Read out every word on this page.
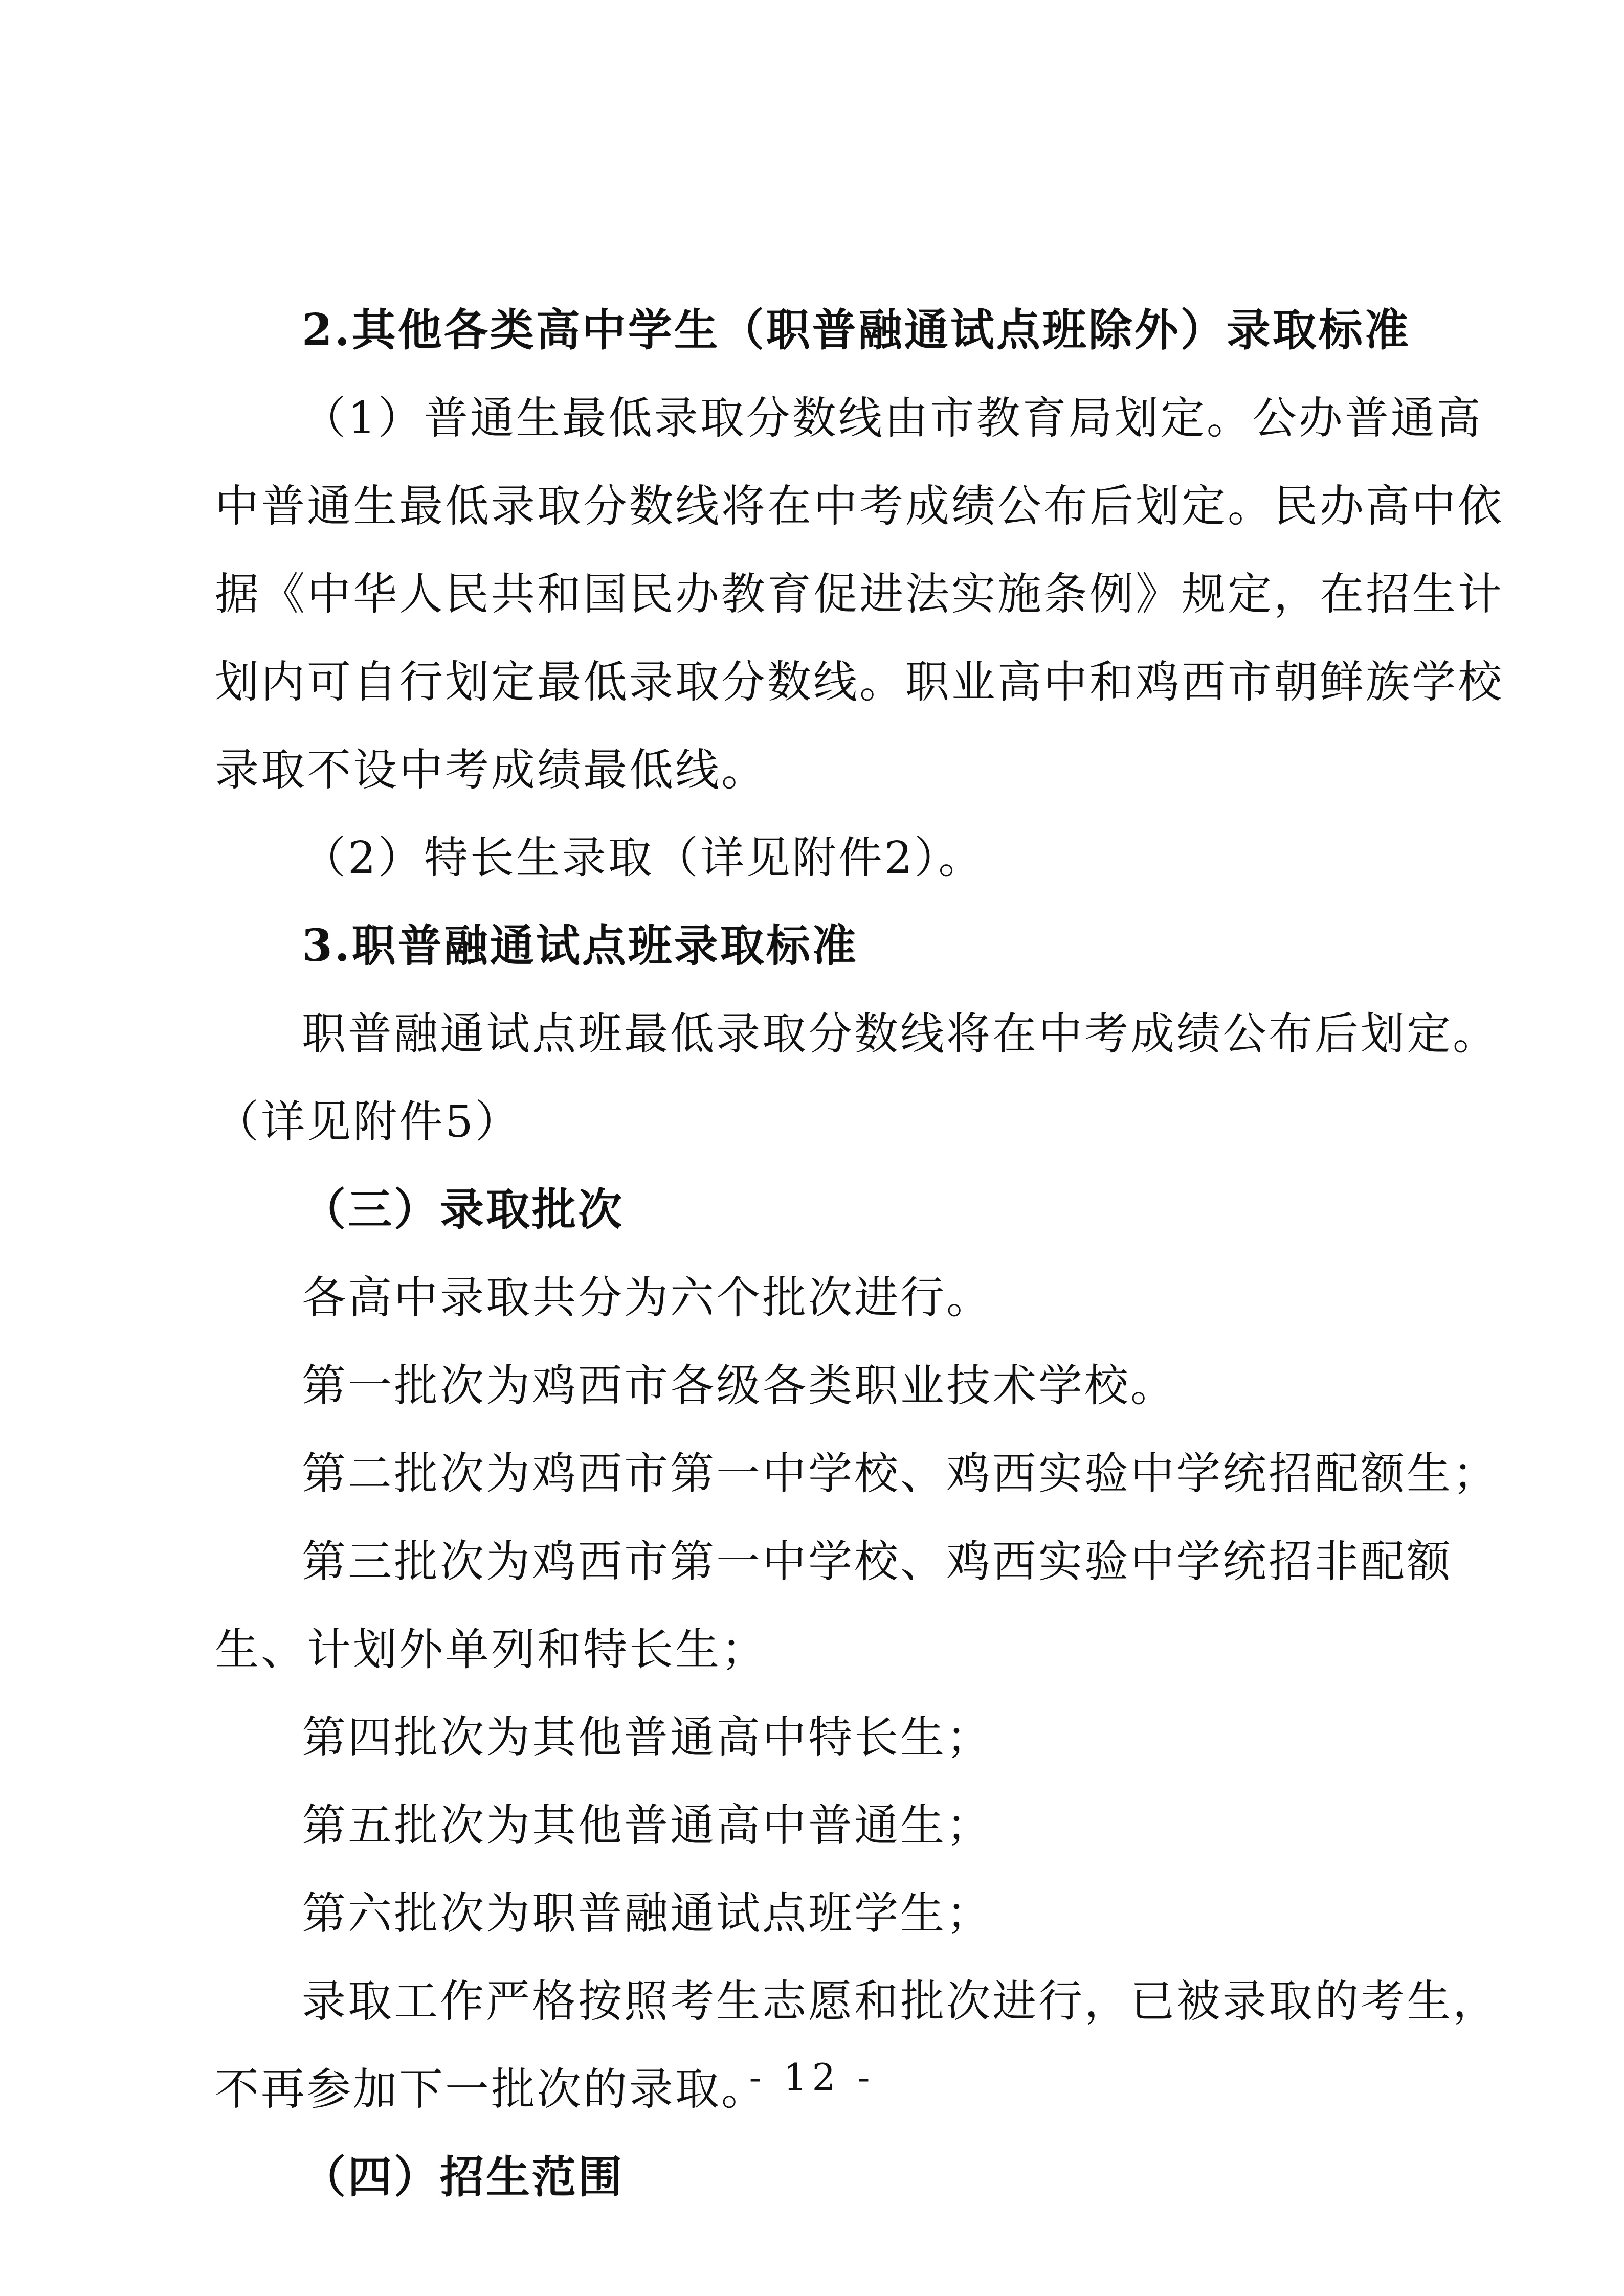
2.其他各类高中学生（职普融通试点班除外）录取标准
（1）普通生最低录取分数线由市教育局划定。公办普通高
中普通生最低录取分数线将在中考成绩公布后划定。民办高中依
据《中华人民共和国民办教育促进法实施条例》规定，在招生计
划内可自行划定最低录取分数线。职业高中和鸡西市朝鲜族学校
录取不设中考成绩最低线。
（2）特长生录取（详见附件2）。
3.职普融通试点班录取标准
职普融通试点班最低录取分数线将在中考成绩公布后划定。
（详见附件5）
（三）录取批次
各高中录取共分为六个批次进行。
第一批次为鸡西市各级各类职业技术学校。
第二批次为鸡西市第一中学校、鸡西实验中学统招配额生；
第三批次为鸡西市第一中学校、鸡西实验中学统招非配额
生、计划外单列和特长生；
第四批次为其他普通高中特长生；
第五批次为其他普通高中普通生；
第六批次为职普融通试点班学生；
录取工作严格按照考生志愿和批次进行，已被录取的考生，
不再参加下一批次的录取。
（四）招生范围
- 12 -
